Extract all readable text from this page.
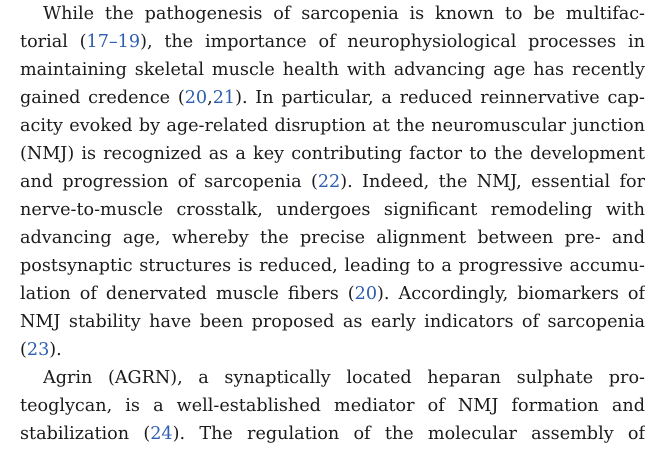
While the pathogenesis of sarcopenia is known to be multifac-
torial (17–19), the importance of neurophysiological processes in
maintaining skeletal muscle health with advancing age has recently
gained credence (20,21). In particular, a reduced reinnervative cap-
acity evoked by age-related disruption at the neuromuscular junction
(NMJ) is recognized as a key contributing factor to the development
and progression of sarcopenia (22). Indeed, the NMJ, essential for
nerve-to-muscle crosstalk, undergoes significant remodeling with
advancing age, whereby the precise alignment between pre- and
postsynaptic structures is reduced, leading to a progressive accumu-
lation of denervated muscle fibers (20). Accordingly, biomarkers of
NMJ stability have been proposed as early indicators of sarcopenia
(23).
Agrin (AGRN), a synaptically located heparan sulphate pro-
teoglycan, is a well-established mediator of NMJ formation and
stabilization (24). The regulation of the molecular assembly of
